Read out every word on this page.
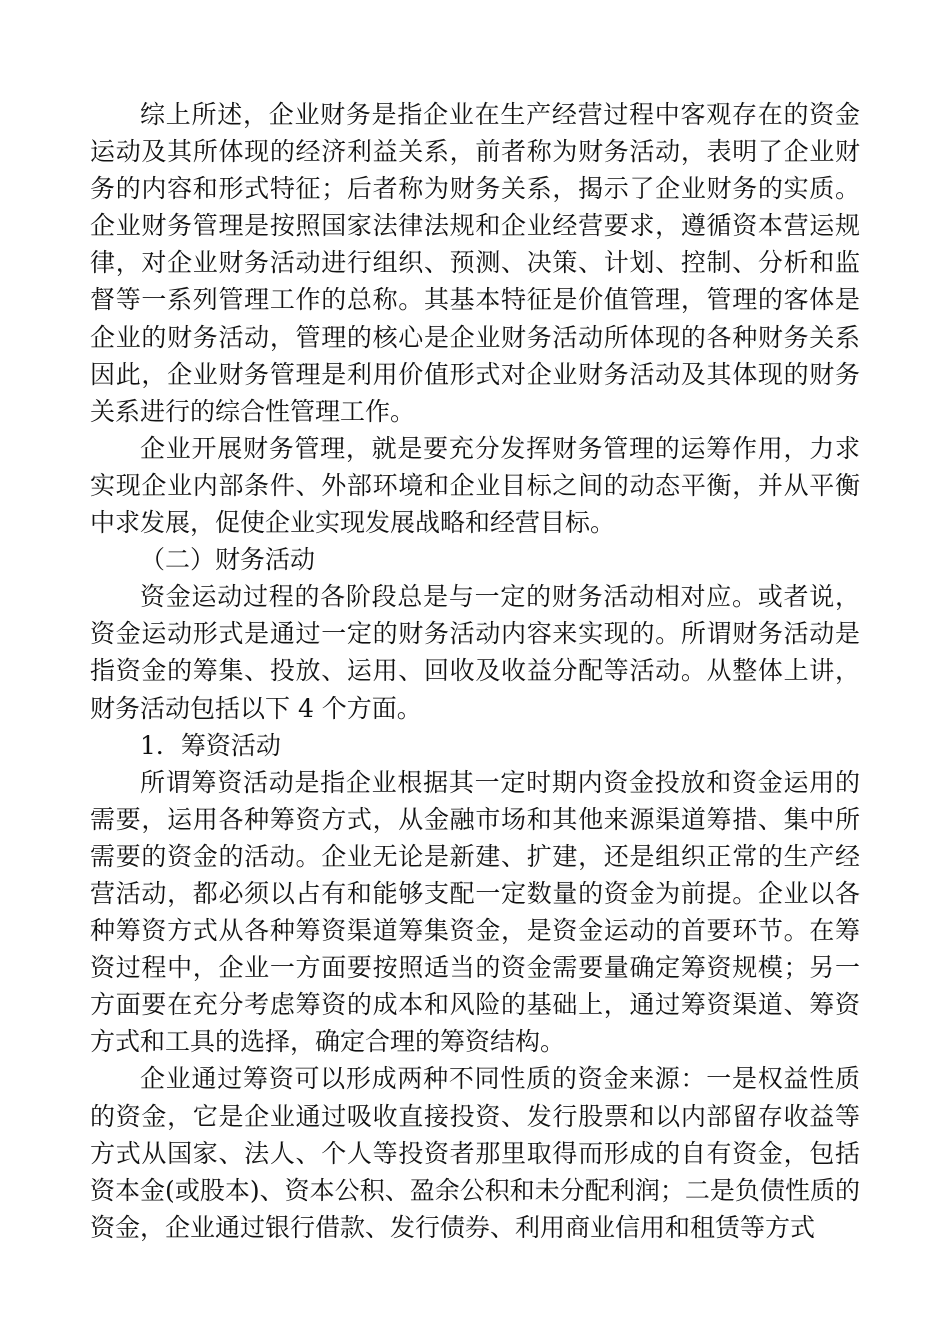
综上所述，企业财务是指企业在生产经营过程中客观存在的资金运动及其所体现的经济利益关系，前者称为财务活动，表明了企业财务的内容和形式特征；后者称为财务关系，揭示了企业财务的实质。企业财务管理是按照国家法律法规和企业经营要求，遵循资本营运规律，对企业财务活动进行组织、预测、决策、计划、控制、分析和监督等一系列管理工作的总称。其基本特征是价值管理，管理的客体是企业的财务活动，管理的核心是企业财务活动所体现的各种财务关系因此，企业财务管理是利用价值形式对企业财务活动及其体现的财务关系进行的综合性管理工作。

企业开展财务管理，就是要充分发挥财务管理的运筹作用，力求实现企业内部条件、外部环境和企业目标之间的动态平衡，并从平衡中求发展，促使企业实现发展战略和经营目标。

（二）财务活动

资金运动过程的各阶段总是与一定的财务活动相对应。或者说，资金运动形式是通过一定的财务活动内容来实现的。所谓财务活动是指资金的筹集、投放、运用、回收及收益分配等活动。从整体上讲，财务活动包括以下 4 个方面。

1．筹资活动

所谓筹资活动是指企业根据其一定时期内资金投放和资金运用的需要，运用各种筹资方式，从金融市场和其他来源渠道筹措、集中所需要的资金的活动。企业无论是新建、扩建，还是组织正常的生产经营活动，都必须以占有和能够支配一定数量的资金为前提。企业以各种筹资方式从各种筹资渠道筹集资金，是资金运动的首要环节。在筹资过程中，企业一方面要按照适当的资金需要量确定筹资规模；另一方面要在充分考虑筹资的成本和风险的基础上，通过筹资渠道、筹资方式和工具的选择，确定合理的筹资结构。

企业通过筹资可以形成两种不同性质的资金来源：一是权益性质的资金，它是企业通过吸收直接投资、发行股票和以内部留存收益等方式从国家、法人、个人等投资者那里取得而形成的自有资金，包括资本金(或股本)、资本公积、盈余公积和未分配利润；二是负债性质的资金，企业通过银行借款、发行债券、利用商业信用和租赁等方式
